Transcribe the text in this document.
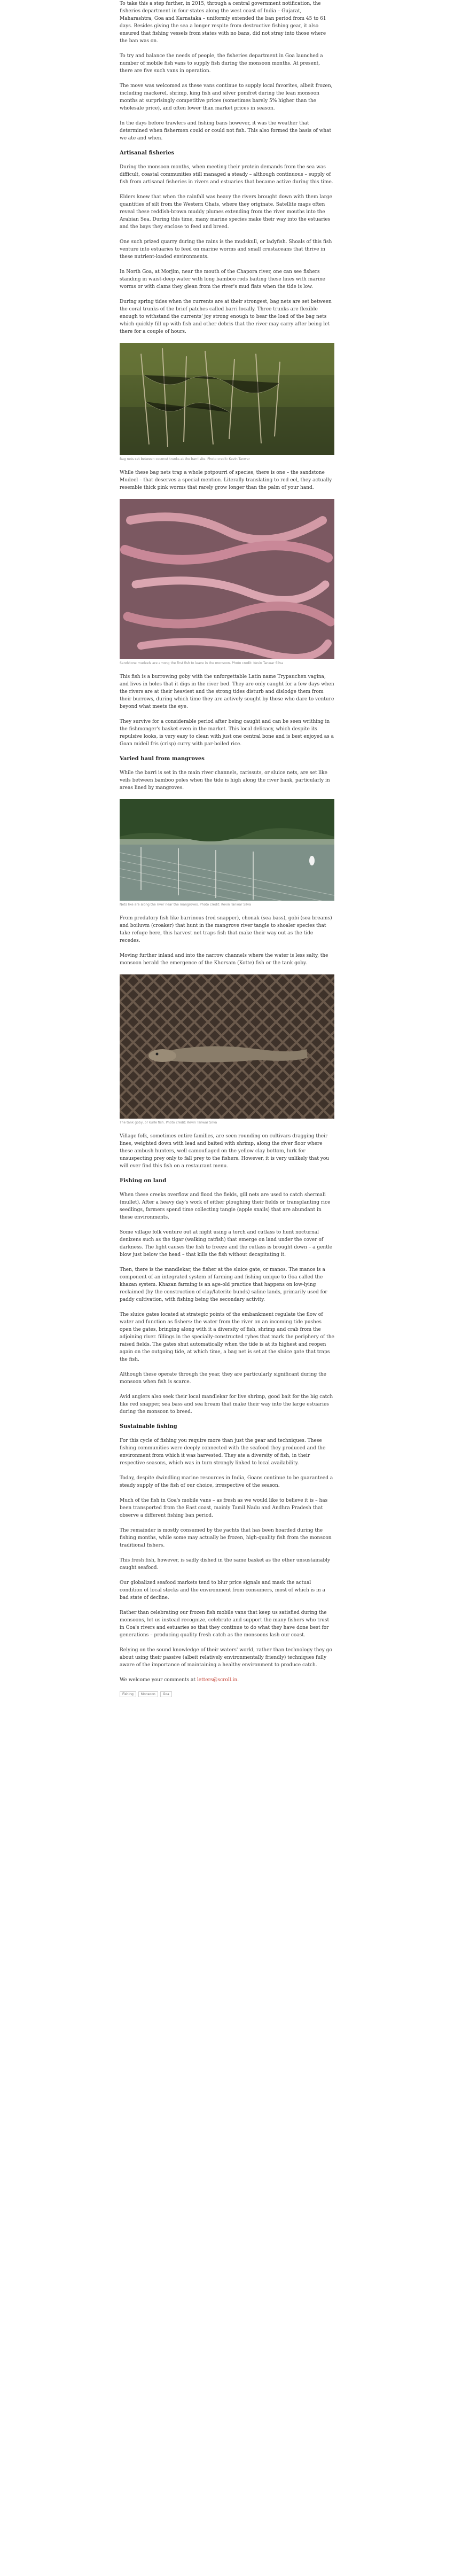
To take this a step further, in 2015, through a central government notification, the fisheries department in four states along the west coast of India – Gujarat, Maharashtra, Goa and Karnataka – uniformly extended the ban period from 45 to 61 days. Besides giving the sea a longer respite from destructive fishing gear, it also ensured that fishing vessels from states with no bans, did not stray into those where the ban was on.

To try and balance the needs of people, the fisheries department in Goa launched a number of mobile fish vans to supply fish during the monsoon months. At present, there are five such vans in operation.

The move was welcomed as these vans continue to supply local favorites, albeit frozen, including mackerel, shrimp, king fish and silver pomfret during the lean monsoon months at surprisingly competitive prices (sometimes barely 5% higher than the wholesale price), and often lower than market prices in season.

In the days before trawlers and fishing bans however, it was the weather that determined when fishermen could or could not fish. This also formed the basis of what we ate and when.

Artisanal fisheries

During the monsoon months, when meeting their protein demands from the sea was difficult, coastal communities still managed a steady – although continuous – supply of fish from artisanal fisheries in rivers and estuaries that became active during this time.

Elders knew that when the rainfall was heavy the rivers brought down with them large quantities of silt from the Western Ghats, where they originate. Satellite maps often reveal these reddish-brown muddy plumes extending from the river mouths into the Arabian Sea. During this time, many marine species make their way into the estuaries and the bays they enclose to feed and breed.

One such prized quarry during the rains is the mudskull, or ladyfish. Shoals of this fish venture into estuaries to feed on marine worms and small crustaceans that thrive in these nutrient-loaded environments.

In North Goa, at Morjim, near the mouth of the Chapora river, one can see fishers standing in waist-deep water with long bamboo rods baiting these lines with marine worms or with clams they glean from the river's mud flats when the tide is low.

During spring tides when the currents are at their strongest, bag nets are set between the coral trunks of the brief patches called barri locally. Three trunks are flexible enough to withstand the currents' joy strong enough to bear the load of the bag nets which quickly fill up with fish and other debris that the river may carry after being let there for a couple of hours.

Bag nets set between coconut trunks at the barri site. Photo credit: Kevin Tanwar

While these bag nets trap a whole potpourri of species, there is one – the sandstone Mudeel – that deserves a special mention. Literally translating to red eel, they actually resemble thick pink worms that rarely grow longer than the palm of your hand.

Sandstone mudeels are among the first fish to leave in the monsoon. Photo credit: Kevin Tanwar Silva

This fish is a burrowing goby with the unforgettable Latin name Trypauchen vagina, and lives in holes that it digs in the river bed. They are only caught for a few days when the rivers are at their heaviest and the strong tides disturb and dislodge them from their burrows, during which time they are actively sought by those who dare to venture beyond what meets the eye.

They survive for a considerable period after being caught and can be seen writhing in the fishmonger's basket even in the market. This local delicacy, which despite its repulsive looks, is very easy to clean with just one central bone and is best enjoyed as a Goan mideil fris (crisp) curry with par-boiled rice.

Varied haul from mangroves

While the barri is set in the main river channels, carissuts, or sluice nets, are set like veils between bamboo poles when the tide is high along the river bank, particularly in areas lined by mangroves.

Nets like are along the river near the mangroves. Photo credit: Kevin Tanwar Silva

From predatory fish like barrinous (red snapper), chonak (sea bass), gobi (sea breams) and boiluvm (croaker) that hunt in the mangrove river tangle to shoaler species that take refuge here, this harvest net traps fish that make their way out as the tide recedes.

Moving further inland and into the narrow channels where the water is less salty, the monsoon herald the emergence of the Khorsam (Kotte) fish or the tank goby.

The tank goby, or kurle fish. Photo credit: Kevin Tanwar Silva

Village folk, sometimes entire families, are seen rounding on cultivars dragging their lines, weighted down with lead and baited with shrimp, along the river floor where these ambush hunters, well camouflaged on the yellow clay bottom, lurk for unsuspecting prey only to fall prey to the fishers. However, it is very unlikely that you will ever find this fish on a restaurant menu.

Fishing on land

When these creeks overflow and flood the fields, gill nets are used to catch shermali (mullet). After a heavy day's work of either ploughing their fields or transplanting rice seedlings, farmers spend time collecting tangie (apple snails) that are abundant in these environments.

Some village folk venture out at night using a torch and cutlass to hunt nocturnal denizens such as the tigar (walking catfish) that emerge on land under the cover of darkness. The light causes the fish to freeze and the cutlass is brought down – a gentle blow just below the head – that kills the fish without decapitating it.

Then, there is the mandlekar, the fisher at the sluice gate, or manos. The manos is a component of an integrated system of farming and fishing unique to Goa called the khazan system. Khazan farming is an age-old practice that happens on low-lying reclaimed (by the construction of clay/laterite bunds) saline lands, primarily used for paddy cultivation, with fishing being the secondary activity.

The sluice gates located at strategic points of the embankment regulate the flow of water and function as fishers: the water from the river on an incoming tide pushes open the gates, bringing along with it a diversity of fish, shrimp and crab from the adjoining river. fillings in the specially-constructed ryhes that mark the periphery of the raised fields. The gates shut automatically when the tide is at its highest and reopen again on the outgoing tide, at which time, a bag net is set at the sluice gate that traps the fish.

Although these operate through the year, they are particularly significant during the monsoon when fish is scarce.

Avid anglers also seek their local mandlekar for live shrimp, good bait for the big catch like red snapper, sea bass and sea bream that make their way into the large estuaries during the monsoon to breed.

Sustainable fishing

For this cycle of fishing you require more than just the gear and techniques. These fishing communities were deeply connected with the seafood they produced and the environment from which it was harvested. They ate a diversity of fish, in their respective seasons, which was in turn strongly linked to local availability.

Today, despite dwindling marine resources in India, Goans continue to be guaranteed a steady supply of the fish of our choice, irrespective of the season.

Much of the fish in Goa's mobile vans – as fresh as we would like to believe it is – has been transported from the East coast, mainly Tamil Nadu and Andhra Pradesh that observe a different fishing ban period.

The remainder is mostly consumed by the yachts that has been hoarded during the fishing months, while some may actually be frozen, high-quality fish from the monsoon traditional fishers.

This fresh fish, however, is sadly dished in the same basket as the other unsustainably caught seafood.

Our globalized seafood markets tend to blur price signals and mask the actual condition of local stocks and the environment from consumers, most of which is in a bad state of decline.

Rather than celebrating our frozen fish mobile vans that keep us satisfied during the monsoons, let us instead recognize, celebrate and support the many fishers who trust in Goa's rivers and estuaries so that they continue to do what they have done best for generations – producing quality fresh catch as the monsoons lash our coast.

Relying on the sound knowledge of their waters' world, rather than technology they go about using their passive (albeit relatively environmentally friendly) techniques fully aware of the importance of maintaining a healthy environment to produce catch.

We welcome your comments at letters@scroll.in.

Fishing	Monsoon	Goa
